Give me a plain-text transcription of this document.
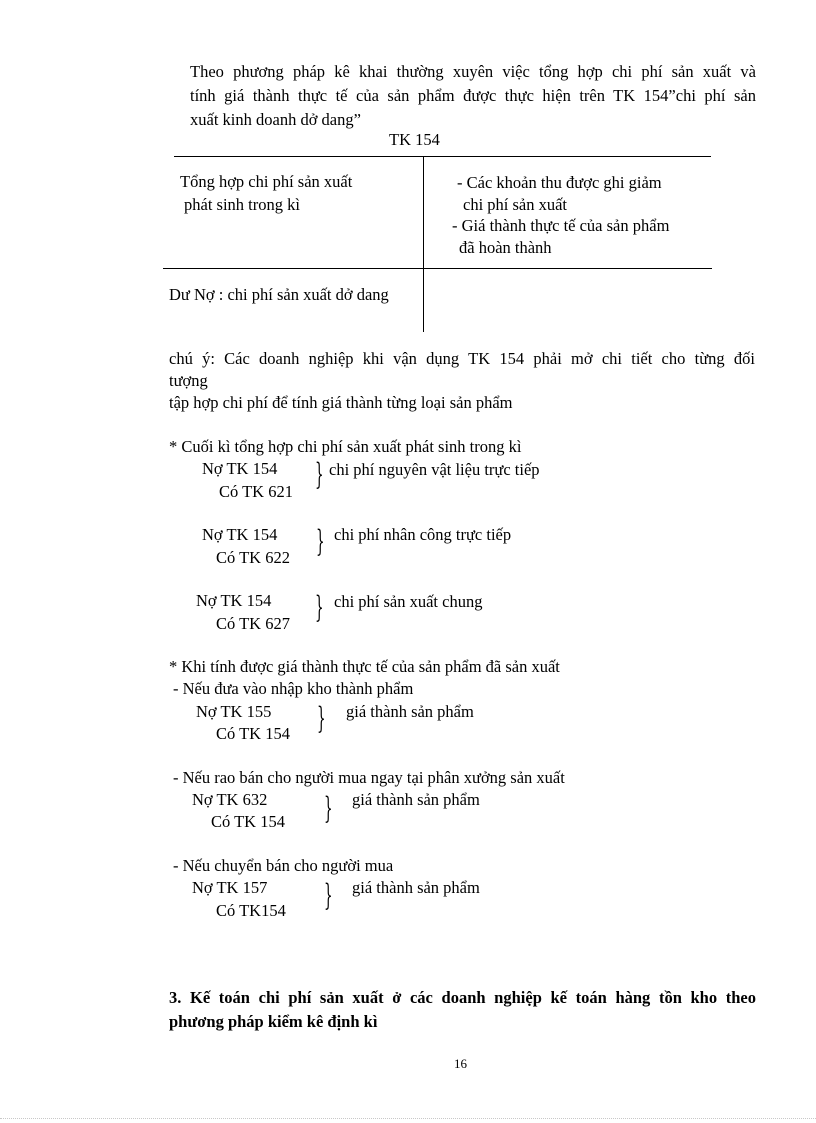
Theo phương pháp kê khai thường xuyên việc tổng hợp chi phí sản xuất và
tính giá thành thực tế của sản phẩm được thực hiện trên TK 154”chi phí sản
xuất kinh doanh dở dang”
TK 154
Tổng hợp chi phí sản xuất
phát sinh trong kì
- Các khoản thu được ghi giảm
chi phí sản xuất
- Giá thành thực tế của sản phẩm
đã hoàn thành
Dư Nợ : chi phí sản xuất dở dang
chú ý: Các doanh nghiệp khi vận dụng TK 154 phải mở chi tiết cho từng đối
tượng
tập hợp chi phí để tính giá thành từng loại sản phẩm
* Cuối kì tổng hợp chi phí sản xuất phát sinh trong kì
Nợ TK 154
Có TK 621 } chi phí nguyên vật liệu trực tiếp
Nợ TK 154
Có TK 622 } chi phí nhân công trực tiếp
Nợ TK 154
Có TK 627 } chi phí sản xuất chung
* Khi tính được giá thành thực tế của sản phẩm đã sản xuất
- Nếu đưa vào nhập kho thành phẩm
Nợ TK 155
Có TK 154 } giá thành sản phẩm
- Nếu rao bán cho người mua ngay tại phân xưởng sản xuất
Nợ TK 632
Có TK 154 } giá thành sản phẩm
- Nếu chuyển bán cho người mua
Nợ TK 157
Có TK154 } giá thành sản phẩm
3. Kế toán chi phí sản xuất ở các doanh nghiệp kế toán hàng tồn kho theo
phương pháp kiểm kê định kì
16
